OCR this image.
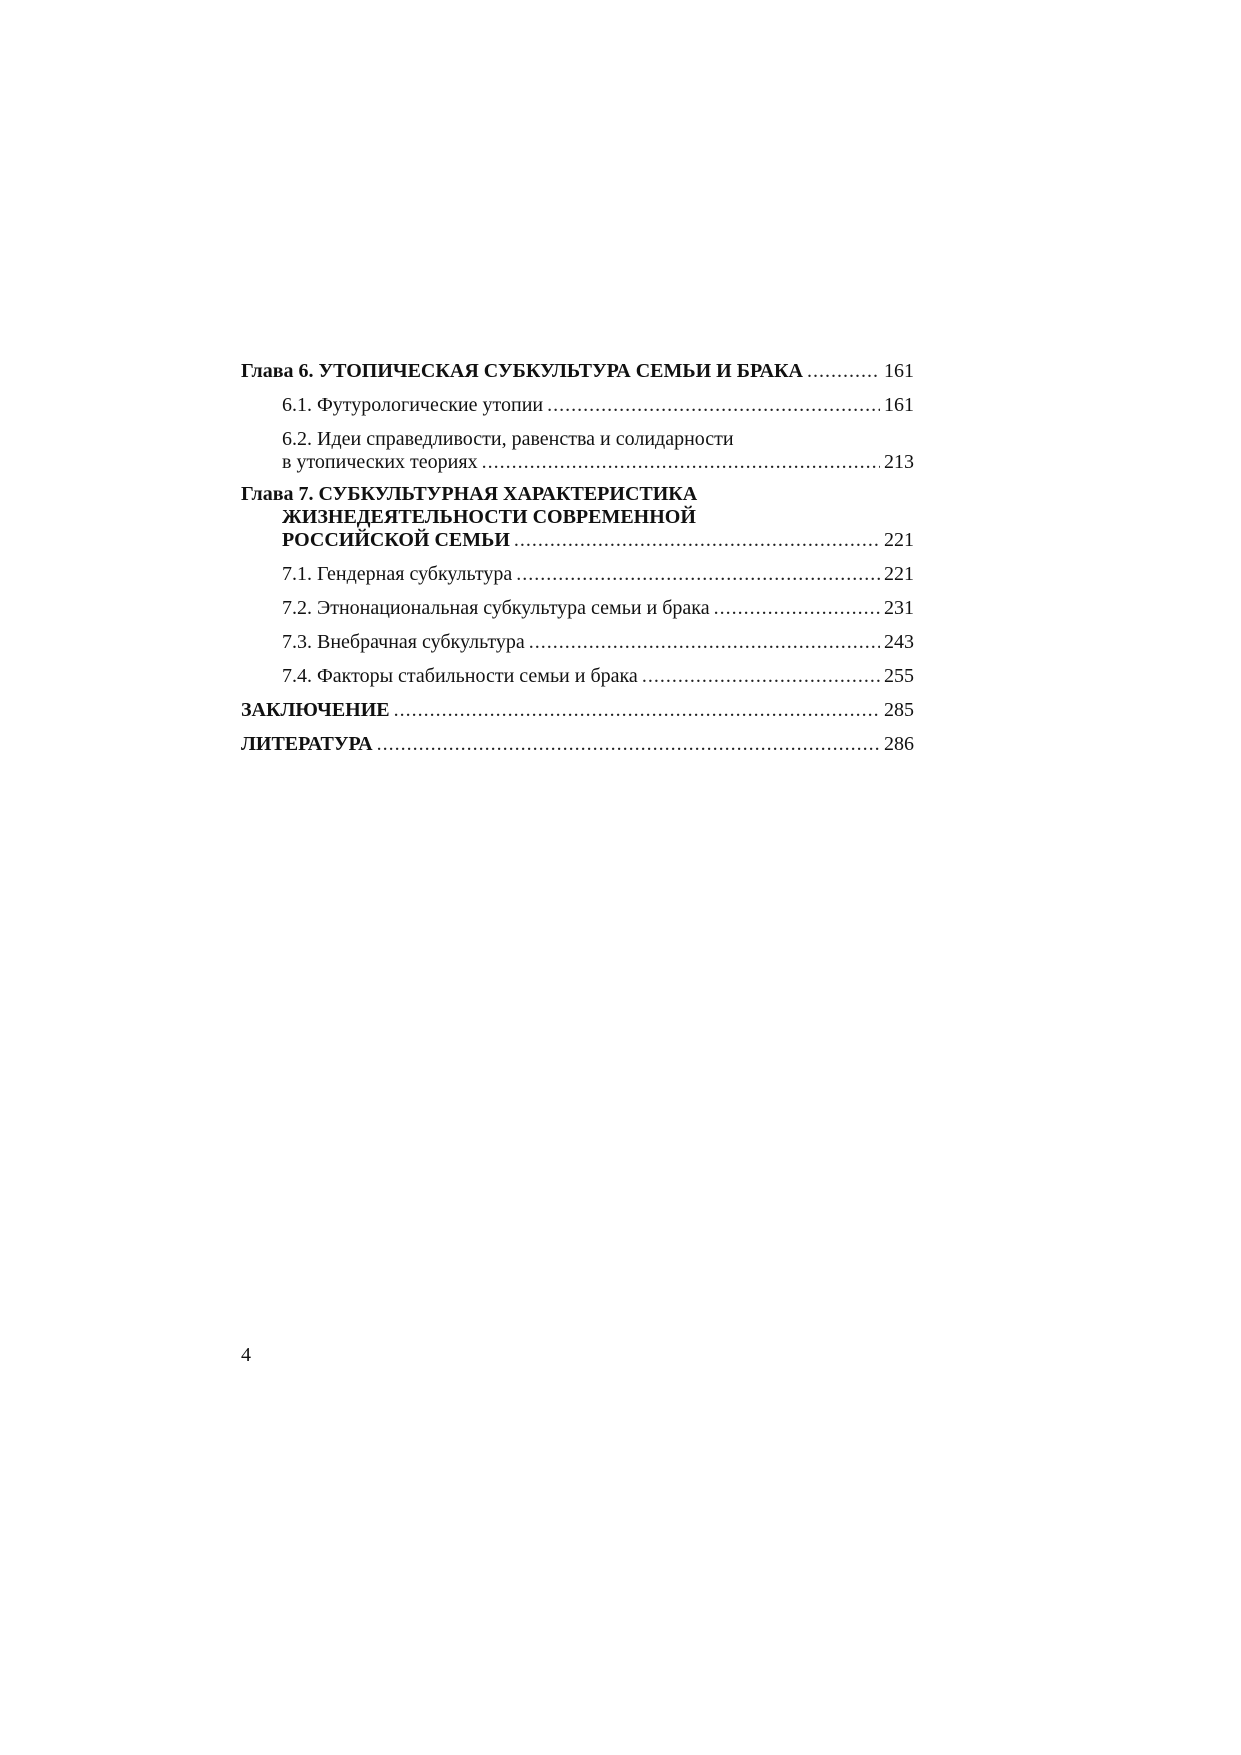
Глава 6. УТОПИЧЕСКАЯ СУБКУЛЬТУРА СЕМЬИ И БРАКА . . .	161
6.1. Футурологические утопии . . .	161
6.2. Идеи справедливости, равенства и солидарности
в утопических теориях . . .	213
Глава 7. СУБКУЛЬТУРНАЯ ХАРАКТЕРИСТИКА
ЖИЗНЕДЕЯТЕЛЬНОСТИ СОВРЕМЕННОЙ
РОССИЙСКОЙ СЕМЬИ . . .	221
7.1. Гендерная субкультура . . .	221
7.2. Этнонациональная субкультура семьи и брака . . .	231
7.3. Внебрачная субкультура . . .	243
7.4. Факторы стабильности семьи и брака . . .	255
ЗАКЛЮЧЕНИЕ . . .	285
ЛИТЕРАТУРА . . .	286
4
